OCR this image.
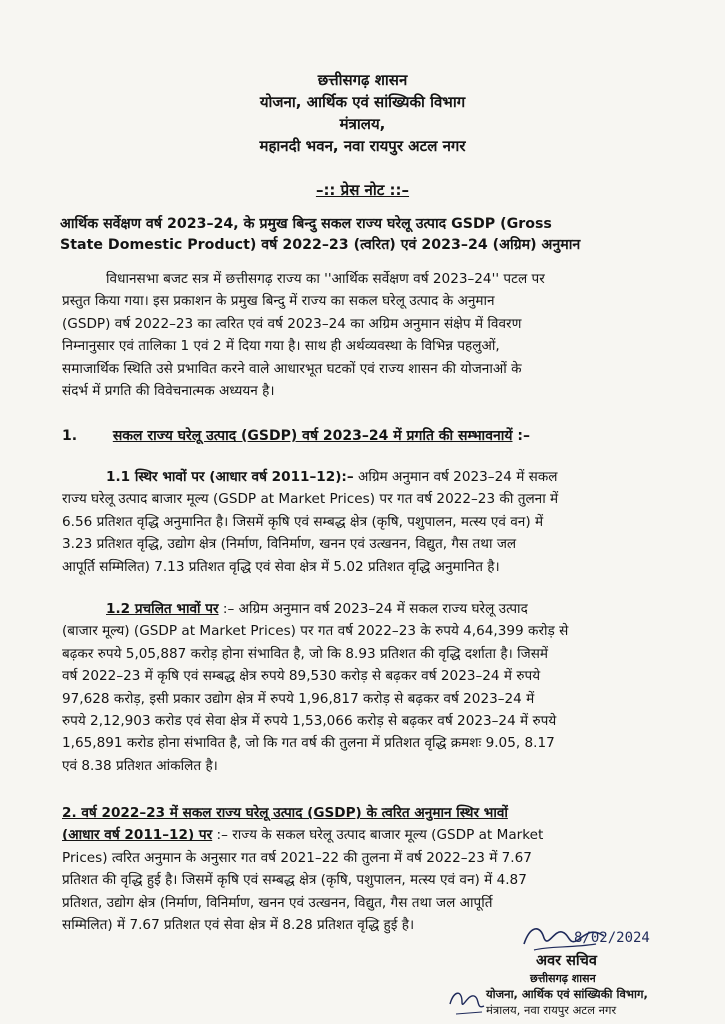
छत्तीसगढ़ शासन
योजना, आर्थिक एवं सांख्यिकी विभाग
मंत्रालय,
महानदी भवन, नवा रायपुर अटल नगर
–:: प्रेस नोट ::–
आर्थिक सर्वेक्षण वर्ष 2023–24, के प्रमुख बिन्दु सकल राज्य घरेलू उत्पाद GSDP (Gross
State Domestic Product) वर्ष 2022–23 (त्वरित) एवं 2023–24 (अग्रिम) अनुमान

विधानसभा बजट सत्र में छत्तीसगढ़ राज्य का ''आर्थिक सर्वेक्षण वर्ष 2023–24'' पटल पर

प्रस्तुत किया गया। इस प्रकाशन के प्रमुख बिन्दु में राज्य का सकल घरेलू उत्पाद के अनुमान

(GSDP) वर्ष 2022–23 का त्वरित एवं वर्ष 2023–24 का अग्रिम अनुमान संक्षेप में विवरण

निम्नानुसार एवं तालिका 1 एवं 2 में दिया गया है। साथ ही अर्थव्यवस्था के विभिन्न पहलुओं,

समाजार्थिक स्थिति उसे प्रभावित करने वाले आधारभूत घटकों एवं राज्य शासन की योजनाओं के

संदर्भ में प्रगति की विवेचनात्मक अध्ययन है।

1.	सकल राज्य घरेलू उत्पाद (GSDP) वर्ष 2023–24 में प्रगति की सम्भावनायें :–

1.1 स्थिर भावों पर (आधार वर्ष 2011–12):– अग्रिम अनुमान वर्ष 2023–24 में सकल

राज्य घरेलू उत्पाद बाजार मूल्य (GSDP at Market Prices) पर गत वर्ष 2022–23 की तुलना में

6.56 प्रतिशत वृद्धि अनुमानित है। जिसमें कृषि एवं सम्बद्ध क्षेत्र (कृषि, पशुपालन, मत्स्य एवं वन) में

3.23 प्रतिशत वृद्धि, उद्योग क्षेत्र (निर्माण, विनिर्माण, खनन एवं उत्खनन, विद्युत, गैस तथा जल

आपूर्ति सम्मिलित) 7.13 प्रतिशत वृद्धि एवं सेवा क्षेत्र में 5.02 प्रतिशत वृद्धि अनुमानित है।

1.2 प्रचलित भावों पर :– अग्रिम अनुमान वर्ष 2023–24 में सकल राज्य घरेलू उत्पाद

(बाजार मूल्य) (GSDP at Market Prices) पर गत वर्ष 2022–23 के रुपये 4,64,399 करोड़ से

बढ़कर रुपये 5,05,887 करोड़ होना संभावित है, जो कि 8.93 प्रतिशत की वृद्धि दर्शाता है। जिसमें

वर्ष 2022–23 में कृषि एवं सम्बद्ध क्षेत्र रुपये 89,530 करोड़ से बढ़कर वर्ष 2023–24 में रुपये

97,628 करोड़, इसी प्रकार उद्योग क्षेत्र में रुपये 1,96,817 करोड़ से बढ़कर वर्ष 2023–24 में

रुपये 2,12,903 करोड एवं सेवा क्षेत्र में रुपये 1,53,066 करोड़ से बढ़कर वर्ष 2023–24 में रुपये

1,65,891 करोड होना संभावित है, जो कि गत वर्ष की तुलना में प्रतिशत वृद्धि क्रमशः 9.05, 8.17

एवं 8.38 प्रतिशत आंकलित है।

2. वर्ष 2022–23 में सकल राज्य घरेलू उत्पाद (GSDP) के त्वरित अनुमान स्थिर भावों

(आधार वर्ष 2011–12) पर :– राज्य के सकल घरेलू उत्पाद बाजार मूल्य (GSDP at Market

Prices) त्वरित अनुमान के अनुसार गत वर्ष 2021–22 की तुलना में वर्ष 2022–23 में 7.67

प्रतिशत की वृद्धि हुई है। जिसमें कृषि एवं सम्बद्ध क्षेत्र (कृषि, पशुपालन, मत्स्य एवं वन) में 4.87

प्रतिशत, उद्योग क्षेत्र (निर्माण, विनिर्माण, खनन एवं उत्खनन, विद्युत, गैस तथा जल आपूर्ति

सम्मिलित) में 7.67 प्रतिशत एवं सेवा क्षेत्र में 8.28 प्रतिशत वृद्धि हुई है।

8/02/2024
अवर सचिव
छत्तीसगढ़ शासन
योजना, आर्थिक एवं सांख्यिकी विभाग,
मंत्रालय, नवा रायपुर अटल नगर
